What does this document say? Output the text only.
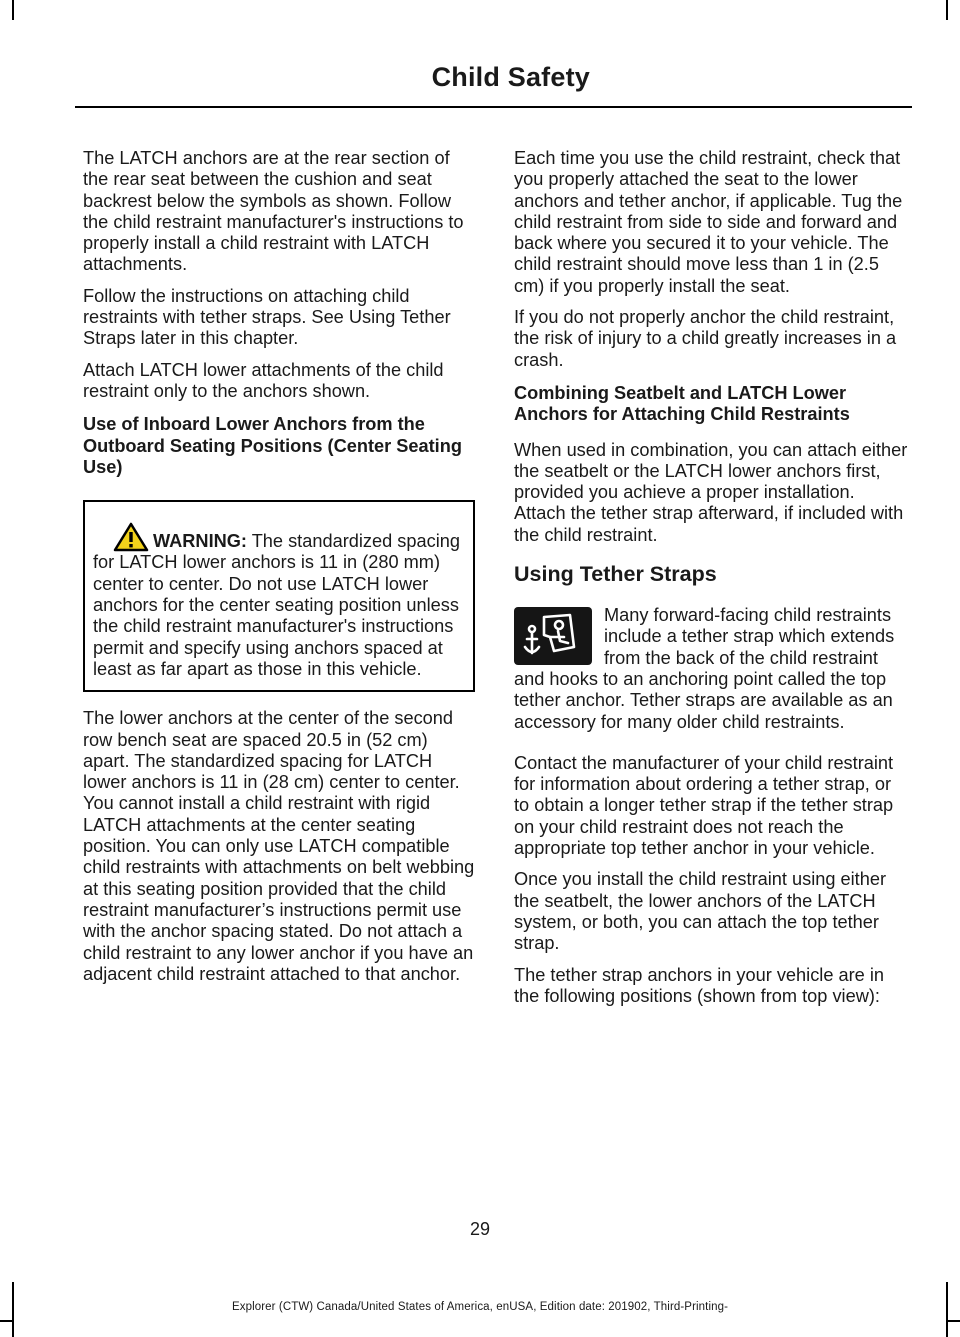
Child Safety

The LATCH anchors are at the rear section of the rear seat between the cushion and seat backrest below the symbols as shown. Follow the child restraint manufacturer's instructions to properly install a child restraint with LATCH attachments.

Follow the instructions on attaching child restraints with tether straps. See Using Tether Straps later in this chapter.

Attach LATCH lower attachments of the child restraint only to the anchors shown.

Use of Inboard Lower Anchors from the Outboard Seating Positions (Center Seating Use)
WARNING: The standardized spacing for LATCH lower anchors is 11 in (280 mm) center to center. Do not use LATCH lower anchors for the center seating position unless the child restraint manufacturer's instructions permit and specify using anchors spaced at least as far apart as those in this vehicle.

The lower anchors at the center of the second row bench seat are spaced 20.5 in (52 cm) apart. The standardized spacing for LATCH lower anchors is 11 in (28 cm) center to center. You cannot install a child restraint with rigid LATCH attachments at the center seating position. You can only use LATCH compatible child restraints with attachments on belt webbing at this seating position provided that the child restraint manufacturer’s instructions permit use with the anchor spacing stated. Do not attach a child restraint to any lower anchor if you have an adjacent child restraint attached to that anchor.

Each time you use the child restraint, check that you properly attached the seat to the lower anchors and tether anchor, if applicable. Tug the child restraint from side to side and forward and back where you secured it to your vehicle. The child restraint should move less than 1 in (2.5 cm) if you properly install the seat.

If you do not properly anchor the child restraint, the risk of injury to a child greatly increases in a crash.

Combining Seatbelt and LATCH Lower Anchors for Attaching Child Restraints

When used in combination, you can attach either the seatbelt or the LATCH lower anchors first, provided you achieve a proper installation. Attach the tether strap afterward, if included with the child restraint.

Using Tether Straps

Many forward-facing child restraints include a tether strap which extends from the back of the child restraint and hooks to an anchoring point called the top tether anchor. Tether straps are available as an accessory for many older child restraints.

Contact the manufacturer of your child restraint for information about ordering a tether strap, or to obtain a longer tether strap if the tether strap on your child restraint does not reach the appropriate top tether anchor in your vehicle.

Once you install the child restraint using either the seatbelt, the lower anchors of the LATCH system, or both, you can attach the top tether strap.

The tether strap anchors in your vehicle are in the following positions (shown from top view):

29
Explorer (CTW) Canada/United States of America, enUSA, Edition date: 201902, Third-Printing-
